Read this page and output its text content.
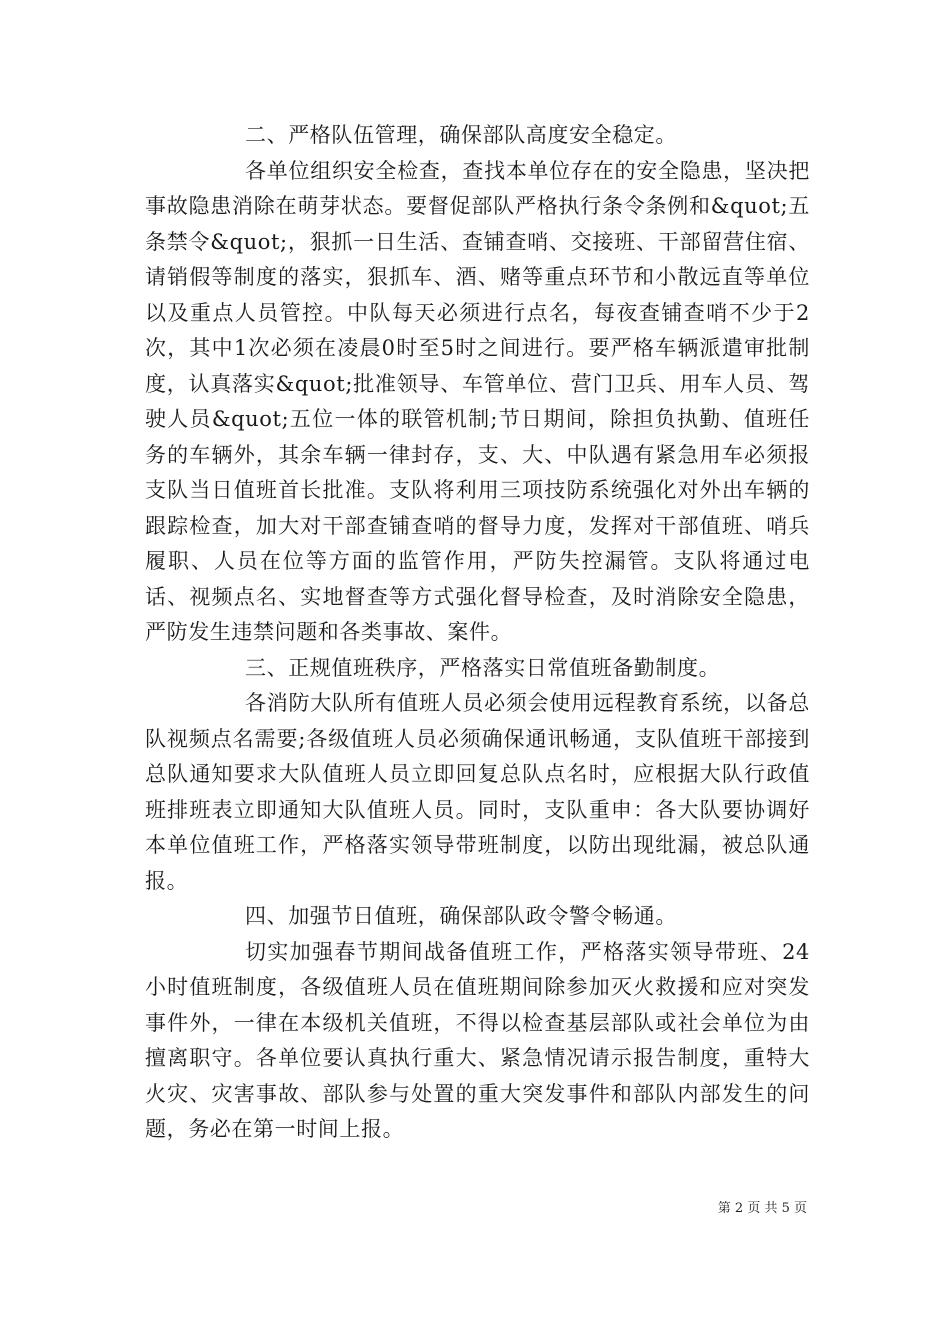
二、严格队伍管理，确保部队高度安全稳定。

各单位组织安全检查，查找本单位存在的安全隐患，坚决把事故隐患消除在萌芽状态。要督促部队严格执行条令条例和&quot;五条禁令&quot;，狠抓一日生活、查铺查哨、交接班、干部留营住宿、请销假等制度的落实，狠抓车、酒、赌等重点环节和小散远直等单位以及重点人员管控。中队每天必须进行点名，每夜查铺查哨不少于2次，其中1次必须在凌晨0时至5时之间进行。要严格车辆派遣审批制度，认真落实&quot;批准领导、车管单位、营门卫兵、用车人员、驾驶人员&quot;五位一体的联管机制;节日期间，除担负执勤、值班任务的车辆外，其余车辆一律封存，支、大、中队遇有紧急用车必须报支队当日值班首长批准。支队将利用三项技防系统强化对外出车辆的跟踪检查，加大对干部查铺查哨的督导力度，发挥对干部值班、哨兵履职、人员在位等方面的监管作用，严防失控漏管。支队将通过电话、视频点名、实地督查等方式强化督导检查，及时消除安全隐患，严防发生违禁问题和各类事故、案件。

三、正规值班秩序，严格落实日常值班备勤制度。

各消防大队所有值班人员必须会使用远程教育系统，以备总队视频点名需要;各级值班人员必须确保通讯畅通，支队值班干部接到总队通知要求大队值班人员立即回复总队点名时，应根据大队行政值班排班表立即通知大队值班人员。同时，支队重申：各大队要协调好本单位值班工作，严格落实领导带班制度，以防出现纰漏，被总队通报。

四、加强节日值班，确保部队政令警令畅通。

切实加强春节期间战备值班工作，严格落实领导带班、24小时值班制度，各级值班人员在值班期间除参加灭火救援和应对突发事件外，一律在本级机关值班，不得以检查基层部队或社会单位为由擅离职守。各单位要认真执行重大、紧急情况请示报告制度，重特大火灾、灾害事故、部队参与处置的重大突发事件和部队内部发生的问题，务必在第一时间上报。

第 2 页 共 5 页
